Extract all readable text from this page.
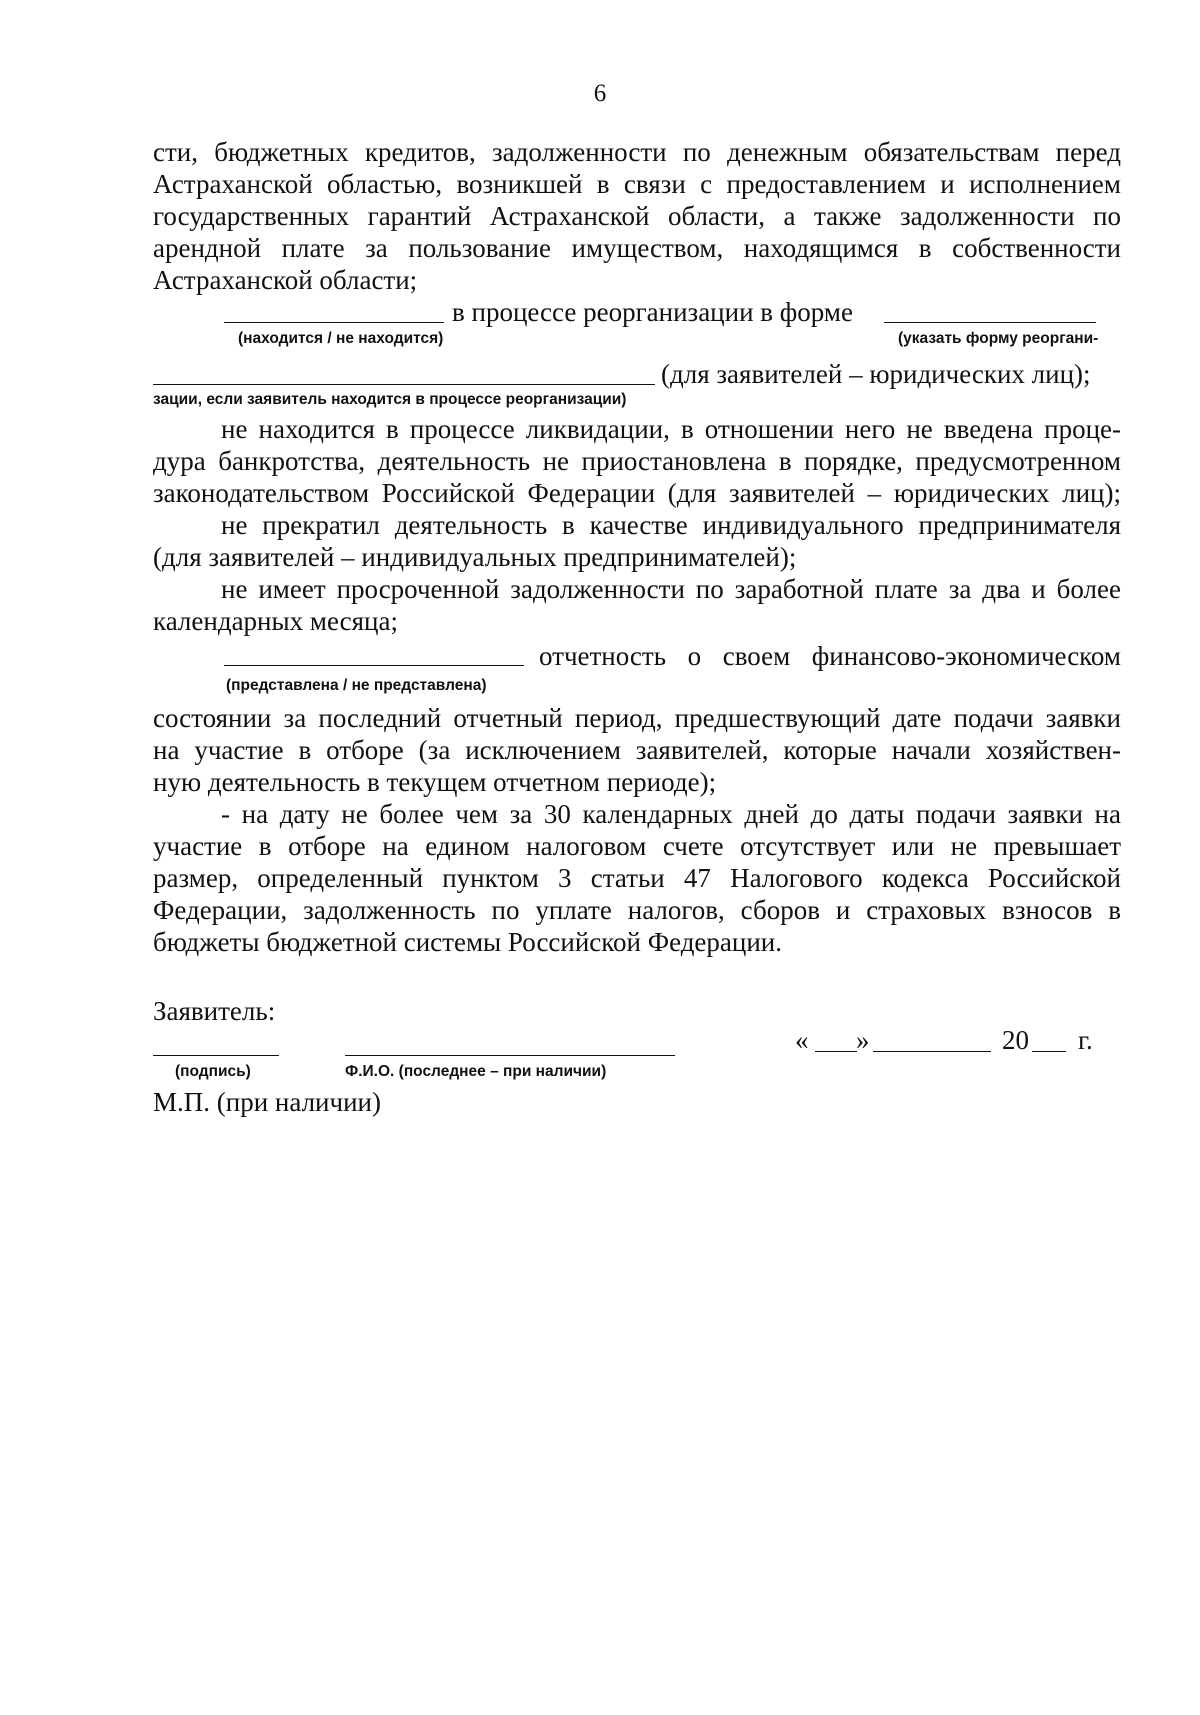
6
сти, бюджетных кредитов, задолженности по денежным обязательствам перед
Астраханской областью, возникшей в связи с предоставлением и исполнением
государственных гарантий Астраханской области, а также задолженности по
арендной плате за пользование имуществом, находящимся в собственности
Астраханской области;
в процессе реорганизации в форме
(находится / не находится)	(указать форму реоргани-
(для заявителей – юридических лиц);
зации, если заявитель находится в процессе реорганизации)
не находится в процессе ликвидации, в отношении него не введена проце-
дура банкротства, деятельность не приостановлена в порядке, предусмотренном
законодательством Российской Федерации (для заявителей – юридических лиц);
не прекратил деятельность в качестве индивидуального предпринимателя
(для заявителей – индивидуальных предпринимателей);
не имеет просроченной задолженности по заработной плате за два и более
календарных месяца;
отчетность о своем финансово-экономическом
(представлена / не представлена)
состоянии за последний отчетный период, предшествующий дате подачи заявки
на участие в отборе (за исключением заявителей, которые начали хозяйствен-
ную деятельность в текущем отчетном периоде);
- на дату не более чем за 30 календарных дней до даты подачи заявки на
участие в отборе на едином налоговом счете отсутствует или не превышает
размер, определенный пунктом 3 статьи 47 Налогового кодекса Российской
Федерации, задолженность по уплате налогов, сборов и страховых взносов в
бюджеты бюджетной системы Российской Федерации.
Заявитель:
« »	20 г.
(подпись)	Ф.И.О. (последнее – при наличии)
М.П. (при наличии)
